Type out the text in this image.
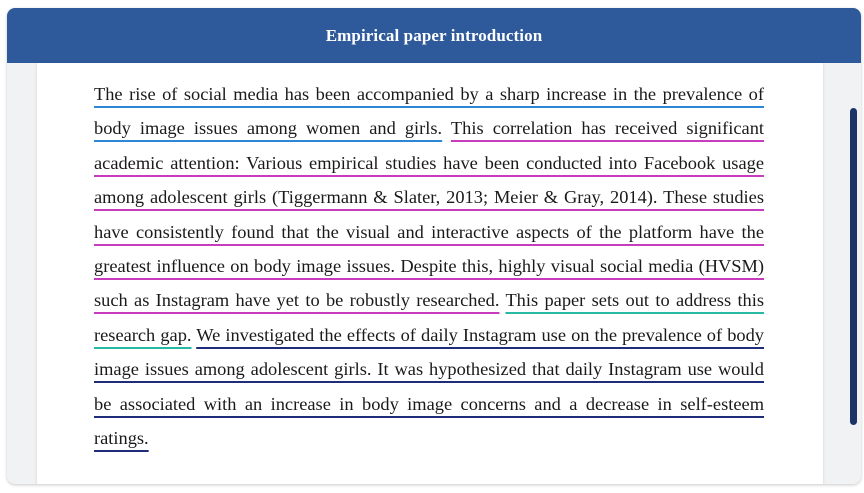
Empirical paper introduction

The rise of social media has been accompanied by a sharp increase in the prevalence of body image issues among women and girls. This correlation has received significant academic attention: Various empirical studies have been conducted into Facebook usage among adolescent girls (Tiggermann & Slater, 2013; Meier & Gray, 2014). These studies have consistently found that the visual and interactive aspects of the platform have the greatest influence on body image issues. Despite this, highly visual social media (HVSM) such as Instagram have yet to be robustly researched. This paper sets out to address this research gap. We investigated the effects of daily Instagram use on the prevalence of body image issues among adolescent girls. It was hypothesized that daily Instagram use would be associated with an increase in body image concerns and a decrease in self-esteem ratings.
